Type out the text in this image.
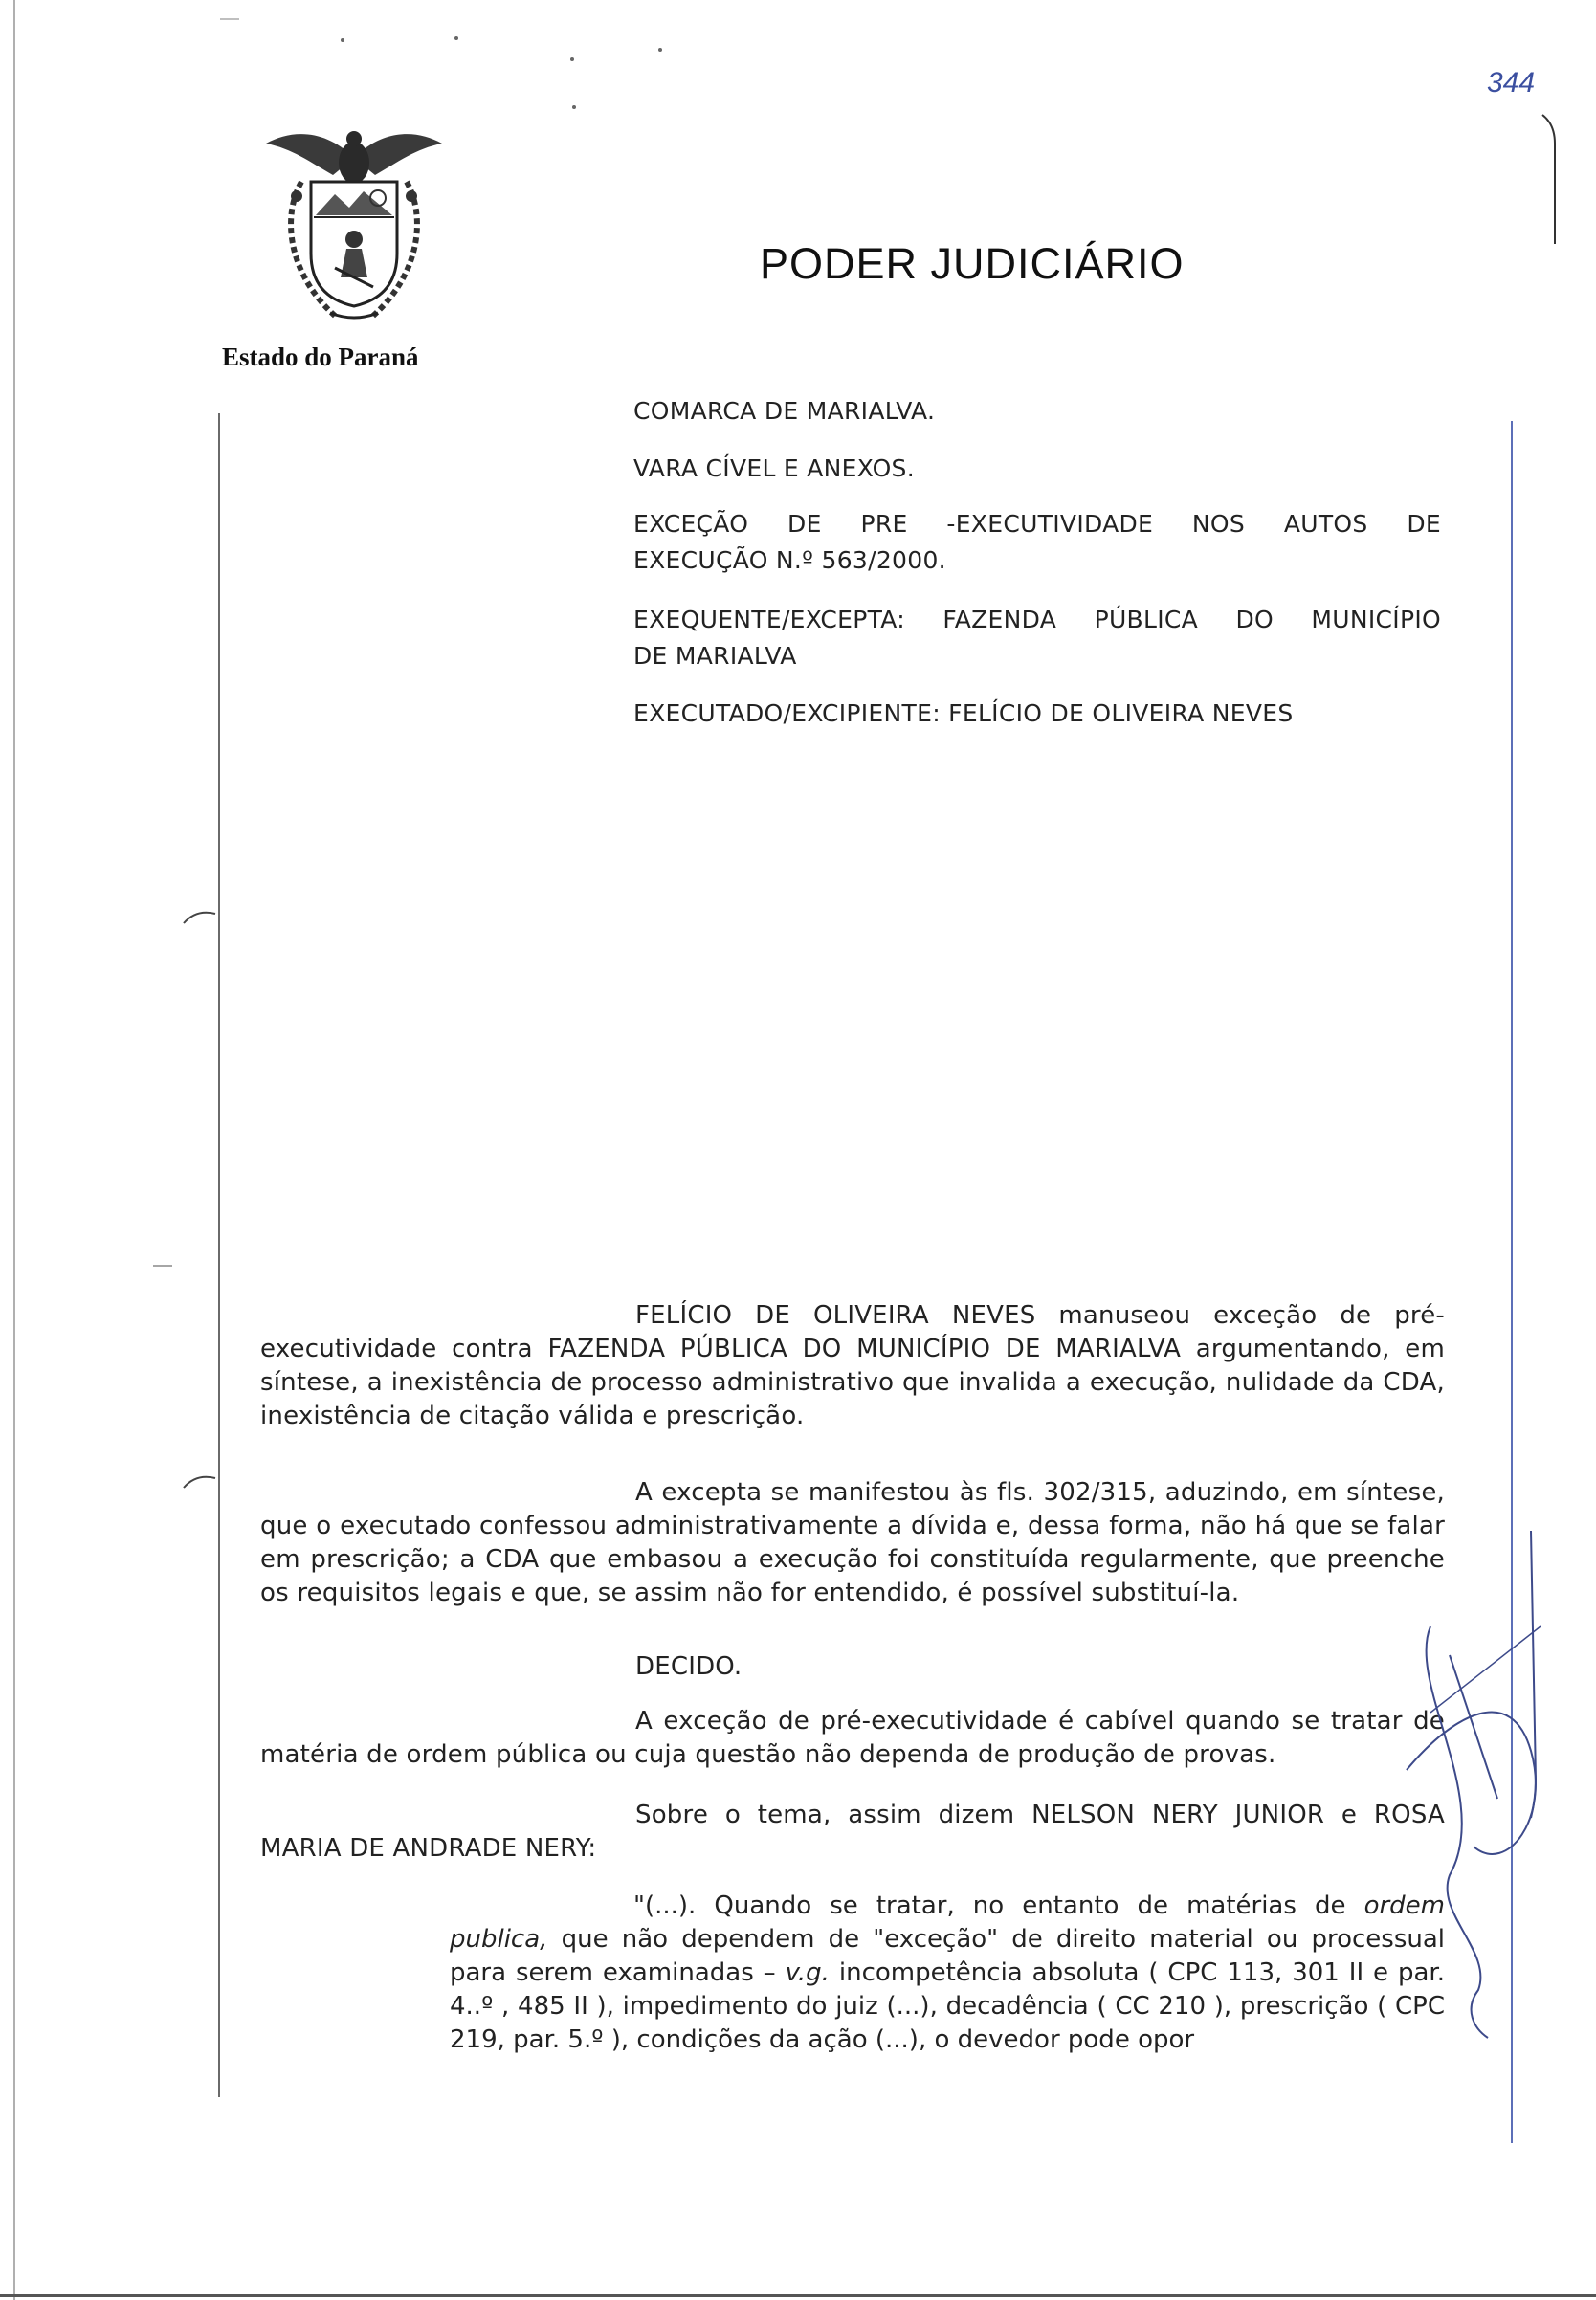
Estado do Paraná
PODER JUDICIÁRIO
344
COMARCA DE MARIALVA.
VARA CÍVEL E ANEXOS.
EXCEÇÃO DE PRE -EXECUTIVIDADE NOS AUTOS DE
EXECUÇÃO N.º 563/2000.
EXEQUENTE/EXCEPTA: FAZENDA PÚBLICA DO MUNICÍPIO
DE MARIALVA
EXECUTADO/EXCIPIENTE: FELÍCIO DE OLIVEIRA NEVES
FELÍCIO DE OLIVEIRA NEVES manuseou exceção de pré-executividade contra FAZENDA PÚBLICA DO MUNICÍPIO DE MARIALVA argumentando, em síntese, a inexistência de processo administrativo que invalida a execução, nulidade da CDA, inexistência de citação válida e prescrição.
A excepta se manifestou às fls. 302/315, aduzindo, em síntese, que o executado confessou administrativamente a dívida e, dessa forma, não há que se falar em prescrição; a CDA que embasou a execução foi constituída regularmente, que preenche os requisitos legais e que, se assim não for entendido, é possível substituí-la.
DECIDO.
A exceção de pré-executividade é cabível quando se tratar de matéria de ordem pública ou cuja questão não dependa de produção de provas.
Sobre o tema, assim dizem NELSON NERY JUNIOR e ROSA MARIA DE ANDRADE NERY:
"(...). Quando se tratar, no entanto de matérias de ordem publica, que não dependem de "exceção" de direito material ou processual para serem examinadas – v.g. incompetência absoluta ( CPC 113, 301 II e par. 4..º , 485 II ), impedimento do juiz (...), decadência ( CC 210 ), prescrição ( CPC 219, par. 5.º ), condições da ação (...), o devedor pode opor
